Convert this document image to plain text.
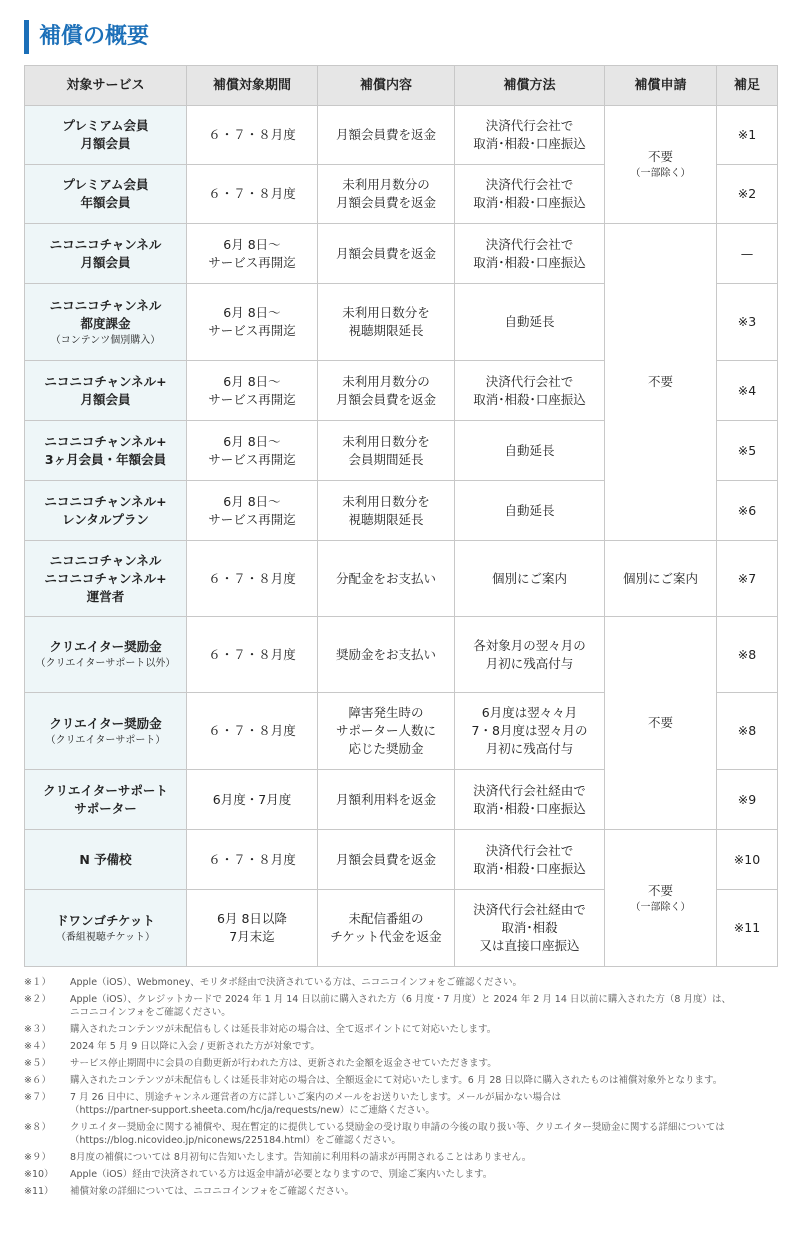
補償の概要
対象サービス	補償対象期間	補償内容	補償方法	補償申請	補足

プレミアム会員
月額会員	６・７・８月度	月額会員費を返金	決済代行会社で
取消･相殺･口座振込	不要
（一部除く）	※1

プレミアム会員
年額会員	６・７・８月度	未利用月数分の
月額会員費を返金	決済代行会社で
取消･相殺･口座振込		※2

ニコニコチャンネル
月額会員	6月 8日～
サービス再開迄	月額会員費を返金	決済代行会社で
取消･相殺･口座振込	不要	—

ニコニコチャンネル
都度課金
（コンテンツ個別購入）	6月 8日～
サービス再開迄	未利用日数分を
視聴期限延長	自動延長		※3

ニコニコチャンネル+
月額会員	6月 8日～
サービス再開迄	未利用月数分の
月額会員費を返金	決済代行会社で
取消･相殺･口座振込		※4

ニコニコチャンネル+
3ヶ月会員・年額会員	6月 8日～
サービス再開迄	未利用日数分を
会員期間延長	自動延長		※5

ニコニコチャンネル+
レンタルプラン	6月 8日～
サービス再開迄	未利用日数分を
視聴期限延長	自動延長		※6

ニコニコチャンネル
ニコニコチャンネル+
運営者	６・７・８月度	分配金をお支払い	個別にご案内	個別にご案内	※7

クリエイター奨励金
（クリエイターサポート以外）	６・７・８月度	奨励金をお支払い	各対象月の翌々月の
月初に残高付与	不要	※8

クリエイター奨励金
（クリエイターサポート）	６・７・８月度	障害発生時の
サポーター人数に
応じた奨励金	6月度は翌々々月
7・8月度は翌々月の
月初に残高付与		※8

クリエイターサポート
サポーター	6月度・7月度	月額利用料を返金	決済代行会社経由で
取消･相殺･口座振込		※9

N 予備校	６・７・８月度	月額会員費を返金	決済代行会社で
取消･相殺･口座振込	不要
（一部除く）	※10

ドワンゴチケット
（番組視聴チケット）	6月 8日以降
7月末迄	未配信番組の
チケット代金を返金	決済代行会社経由で
取消･相殺
又は直接口座振込		※11
※１）	Apple（iOS）、Webmoney、モリタポ経由で決済されている方は、ニコニコインフォをご確認ください。
※２）	Apple（iOS）、クレジットカードで 2024 年 1 月 14 日以前に購入された方（6 月度・7 月度）と 2024 年 2 月 14 日以前に購入された方（8 月度）は、
ニコニコインフォをご確認ください。
※３）	購入されたコンテンツが未配信もしくは延長非対応の場合は、全て返ポイントにて対応いたします。
※４）	2024 年 5 月 9 日以降に入会 / 更新された方が対象です。
※５）	サービス停止期間中に会員の自動更新が行われた方は、更新された金額を返金させていただきます。
※６）	購入されたコンテンツが未配信もしくは延長非対応の場合は、全額返金にて対応いたします。6 月 28 日以降に購入されたものは補償対象外となります。
※７）	7 月 26 日中に、別途チャンネル運営者の方に詳しいご案内のメールをお送りいたします。メールが届かない場合は
（https://partner-support.sheeta.com/hc/ja/requests/new）にご連絡ください。
※８）	クリエイター奨励金に関する補償や、現在暫定的に提供している奨励金の受け取り申請の今後の取り扱い等、クリエイター奨励金に関する詳細については
（https://blog.nicovideo.jp/niconews/225184.html）をご確認ください。
※９）	8月度の補償については 8月初旬に告知いたします。告知前に利用料の請求が再開されることはありません。
※10）	Apple（iOS）経由で決済されている方は返金申請が必要となりますので、別途ご案内いたします。
※11）	補償対象の詳細については、ニコニコインフォをご確認ください。
